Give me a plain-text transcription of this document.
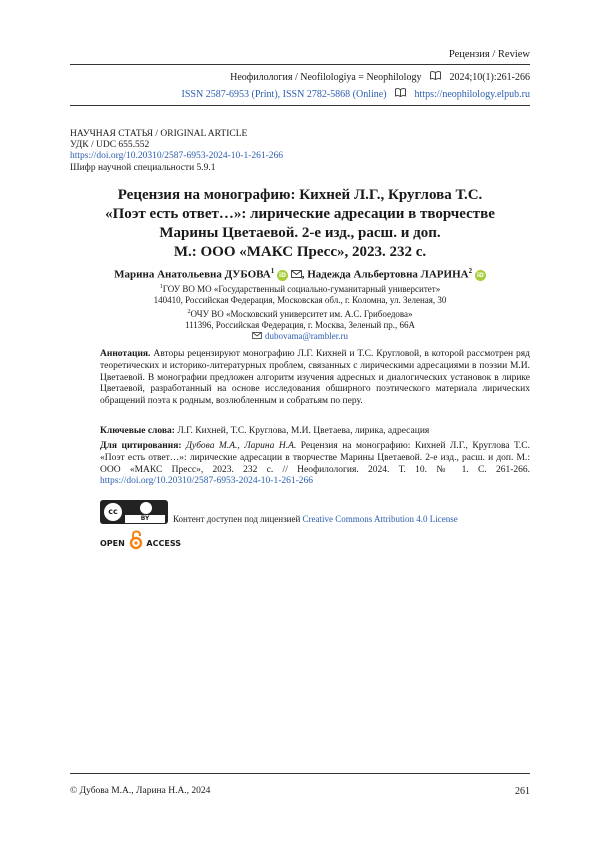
Рецензия / Review
Неофилология / Neofilologiya = Neophilology	2024;10(1):261-266
ISSN 2587-6953 (Print), ISSN 2782-5868 (Online)	https://neophilology.elpub.ru
НАУЧНАЯ СТАТЬЯ / ORIGINAL ARTICLE
УДК / UDC 655.552
https://doi.org/10.20310/2587-6953-2024-10-1-261-266
Шифр научной специальности 5.9.1
Рецензия на монографию: Кихней Л.Г., Круглова Т.С.
«Поэт есть ответ…»: лирические адресации в творчестве
Марины Цветаевой. 2-е изд., расш. и доп.
М.: ООО «МАКС Пресс», 2023. 232 с.
Марина Анатольевна ДУБОВА$^1$ iD , Надежда Альбертовна ЛАРИНА$^2$ iD
$^1$ГОУ ВО МО «Государственный социально-гуманитарный университет»
140410, Российская Федерация, Московская обл., г. Коломна, ул. Зеленая, 30
$^2$ОЧУ ВО «Московский университет им. А.С. Грибоедова»
111396, Российская Федерация, г. Москва, Зеленый пр., 66А
dubovama@rambler.ru
Аннотация. Авторы рецензируют монографию Л.Г. Кихней и Т.С. Кругловой, в которой рассмотрен ряд теоретических и историко-литературных проблем, связанных с лирическими адресациями в поэзии М.И. Цветаевой. В монографии предложен алгоритм изучения адресных и диалогических установок в лирике Цветаевой, разработанный на основе исследования обширного поэтического материала лирических обращений поэта к родным, возлюбленным и собратьям по перу.
Ключевые слова: Л.Г. Кихней, Т.С. Круглова, М.И. Цветаева, лирика, адресация
Для цитирования: Дубова М.А., Ларина Н.А. Рецензия на монографию: Кихней Л.Г., Круглова Т.С. «Поэт есть ответ…»: лирические адресации в творчестве Марины Цветаевой. 2-е изд., расш. и доп. М.: ООО «МАКС Пресс», 2023. 232 с. // Неофилология. 2024. Т. 10. № 1. С. 261-266. https://doi.org/10.20310/2587-6953-2024-10-1-261-266
cc
BY	Контент доступен под лицензией Creative Commons Attribution 4.0 License
OPEN	ACCESS
© Дубова М.А., Ларина Н.А., 2024	261
